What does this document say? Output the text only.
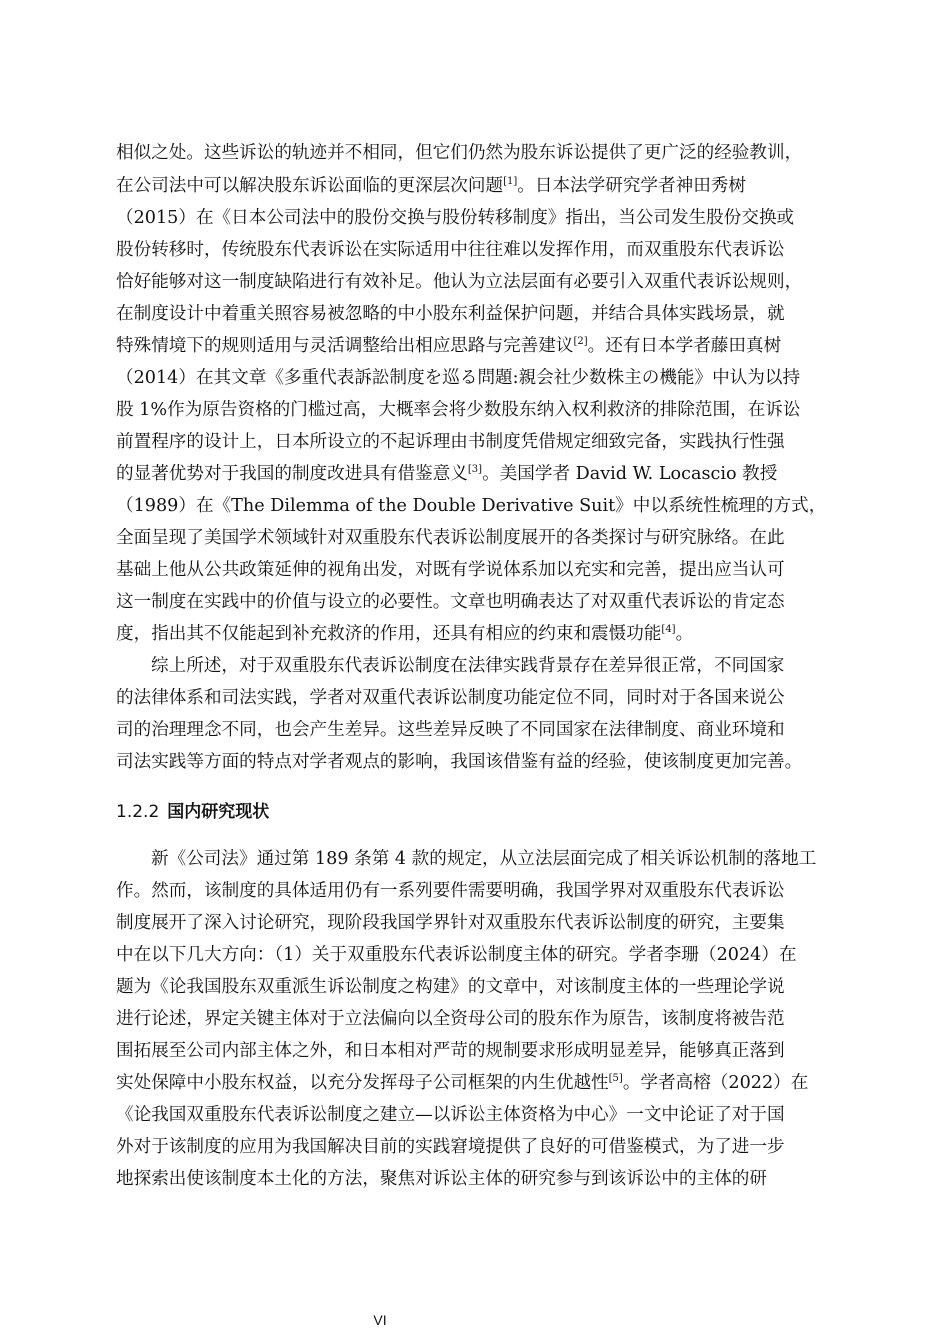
相似之处。这些诉讼的轨迹并不相同，但它们仍然为股东诉讼提供了更广泛的经验教训，
在公司法中可以解决股东诉讼面临的更深层次问题[1]。日本法学研究学者神田秀树
（2015）在《日本公司法中的股份交换与股份转移制度》指出，当公司发生股份交换或
股份转移时，传统股东代表诉讼在实际适用中往往难以发挥作用，而双重股东代表诉讼
恰好能够对这一制度缺陷进行有效补足。他认为立法层面有必要引入双重代表诉讼规则，
在制度设计中着重关照容易被忽略的中小股东利益保护问题，并结合具体实践场景，就
特殊情境下的规则适用与灵活调整给出相应思路与完善建议[2]。还有日本学者藤田真树
（2014）在其文章《多重代表訴訟制度を巡る問題:親会社少数株主の機能》中认为以持
股 1%作为原告资格的门槛过高，大概率会将少数股东纳入权利救济的排除范围，在诉讼
前置程序的设计上，日本所设立的不起诉理由书制度凭借规定细致完备，实践执行性强
的显著优势对于我国的制度改进具有借鉴意义[3]。美国学者 David W. Locascio 教授
（1989）在《The Dilemma of the Double Derivative Suit》中以系统性梳理的方式，
全面呈现了美国学术领域针对双重股东代表诉讼制度展开的各类探讨与研究脉络。在此
基础上他从公共政策延伸的视角出发，对既有学说体系加以充实和完善，提出应当认可
这一制度在实践中的价值与设立的必要性。文章也明确表达了对双重代表诉讼的肯定态
度，指出其不仅能起到补充救济的作用，还具有相应的约束和震慑功能[4]。
综上所述，对于双重股东代表诉讼制度在法律实践背景存在差异很正常，不同国家
的法律体系和司法实践，学者对双重代表诉讼制度功能定位不同，同时对于各国来说公
司的治理理念不同，也会产生差异。这些差异反映了不同国家在法律制度、商业环境和
司法实践等方面的特点对学者观点的影响，我国该借鉴有益的经验，使该制度更加完善。
1.2.2 国内研究现状
新《公司法》通过第 189 条第 4 款的规定，从立法层面完成了相关诉讼机制的落地工
作。然而，该制度的具体适用仍有一系列要件需要明确，我国学界对双重股东代表诉讼
制度展开了深入讨论研究，现阶段我国学界针对双重股东代表诉讼制度的研究，主要集
中在以下几大方向：（1）关于双重股东代表诉讼制度主体的研究。学者李珊（2024）在
题为《论我国股东双重派生诉讼制度之构建》的文章中，对该制度主体的一些理论学说
进行论述，界定关键主体对于立法偏向以全资母公司的股东作为原告，该制度将被告范
围拓展至公司内部主体之外，和日本相对严苛的规制要求形成明显差异，能够真正落到
实处保障中小股东权益，以充分发挥母子公司框架的内生优越性[5]。学者高榕（2022）在
《论我国双重股东代表诉讼制度之建立—以诉讼主体资格为中心》一文中论证了对于国
外对于该制度的应用为我国解决目前的实践窘境提供了良好的可借鉴模式，为了进一步
地探索出使该制度本土化的方法，聚焦对诉讼主体的研究参与到该诉讼中的主体的研
VI
